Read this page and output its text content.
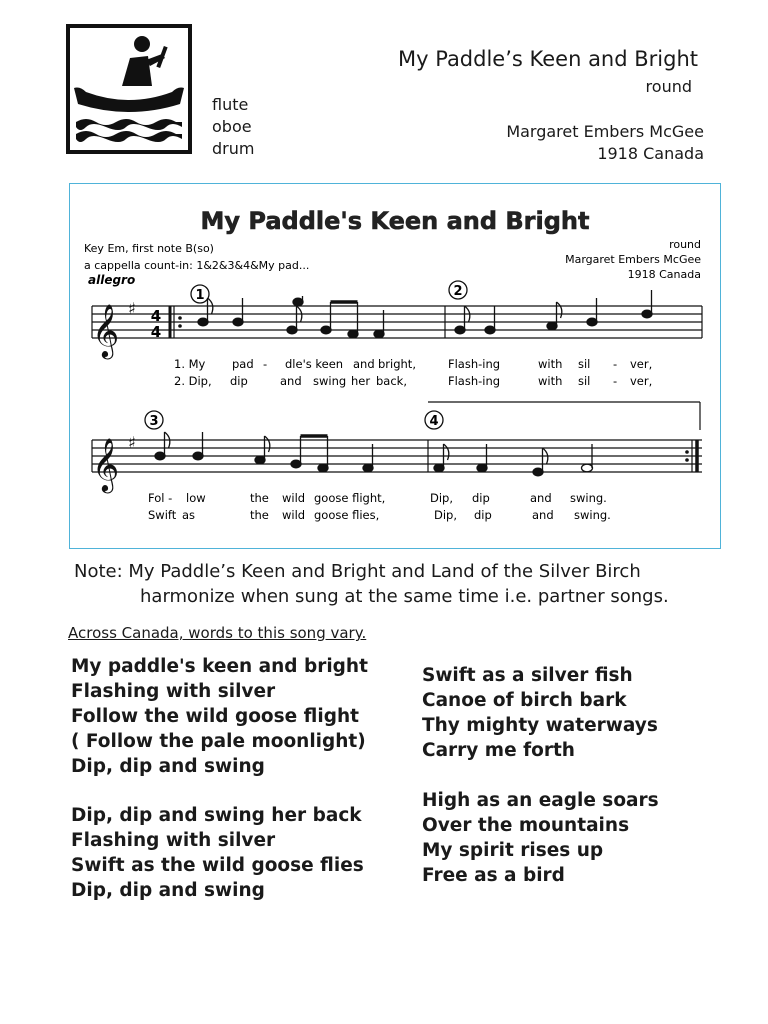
flute
oboe
drum
My Paddle’s Keen and Bright
round
Margaret Embers McGee
1918 Canada
My Paddle's Keen and Bright
Key Em, first note B(so)
a cappella count-in: 1&2&3&4&My pad...
allegro
round
Margaret Embers McGee
1918 Canada
𝄞 ♯ 4
4
1	2
1. My pad - dle's keen and bright,	Flash-ing	with sil - ver,
2. Dip, dip	and swing her back,	Flash-ing	with sil - ver,
𝄞 ♯
3	4
Fol - low	the wild goose flight,	Dip, dip	and swing.
Swift as	the wild goose flies,	Dip, dip	and swing.
Note: My Paddle’s Keen and Bright and Land of the Silver Birch
harmonize when sung at the same time i.e. partner songs.
Across Canada, words to this song vary.
My paddle's keen and bright
Flashing with silver
Follow the wild goose flight
( Follow the pale moonlight)
Dip, dip and swing
Dip, dip and swing her back
Flashing with silver
Swift as the wild goose flies
Dip, dip and swing
Swift as a silver fish
Canoe of birch bark
Thy mighty waterways
Carry me forth
High as an eagle soars
Over the mountains
My spirit rises up
Free as a bird
